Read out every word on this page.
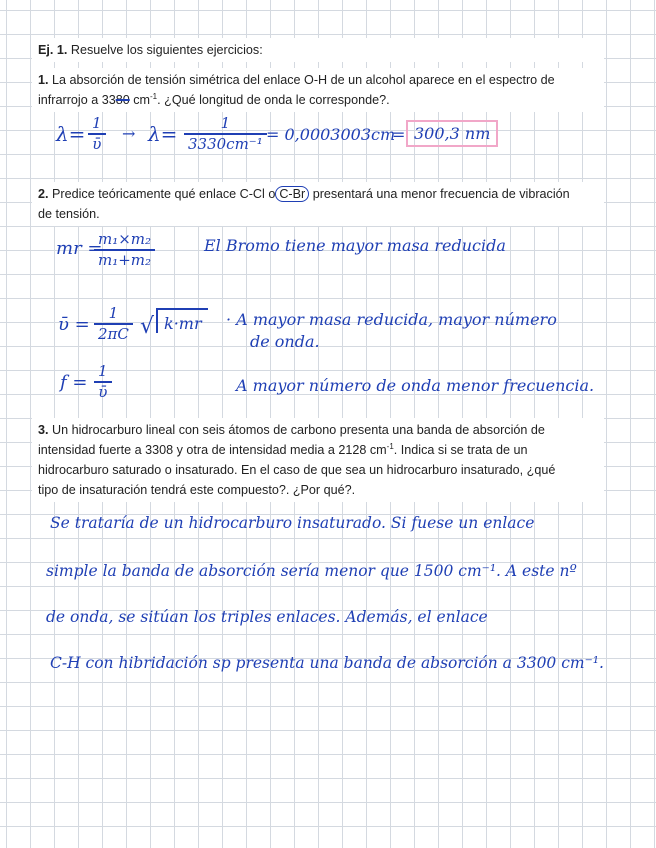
Ej. 1. Resuelve los siguientes ejercicios:
1. La absorción de tensión simétrica del enlace O-H de un alcohol aparece en el espectro de
infrarrojo a 3380 $cm^{-1}$. ¿Qué longitud de onda le corresponde?.
λ= 1
ῡ
→ λ=	1
3330cm⁻¹ = 0,0003003cm
= 300,3 nm
2. Predice teóricamente qué enlace C-Cl o C-Br presentará una menor frecuencia de vibración
de tensión.
mr =
m₁×m₂
m₁+m₂
El Bromo tiene mayor masa reducida
ῡ =
1
2πC √ k·mr	· A mayor masa reducida, mayor número
de onda.
f =
1
ῡ	A mayor número de onda menor frecuencia.
3. Un hidrocarburo lineal con seis átomos de carbono presenta una banda de absorción de
intensidad fuerte a 3308 y otra de intensidad media a 2128 $cm^{-1}$. Indica si se trata de un
hidrocarburo saturado o insaturado. En el caso de que sea un hidrocarburo insaturado, ¿qué
tipo de insaturación tendrá este compuesto?. ¿Por qué?.
Se trataría de un hidrocarburo insaturado. Si fuese un enlace
simple la banda de absorción sería menor que 1500 cm⁻¹. A este nº
de onda, se sitúan los triples enlaces. Además, el enlace
C-H con hibridación sp presenta una banda de absorción a 3300 cm⁻¹.
